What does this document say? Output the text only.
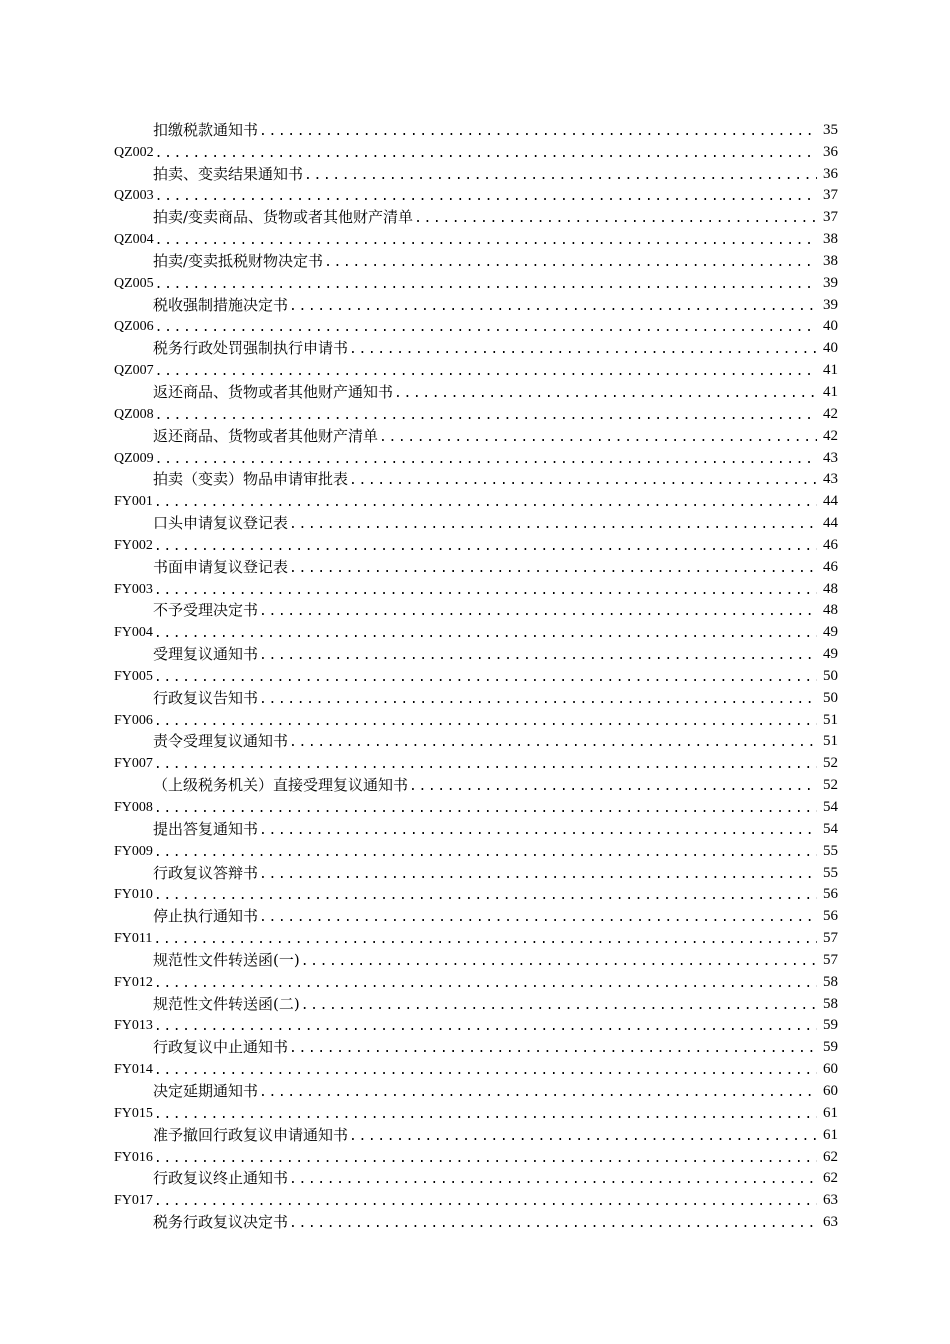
扣缴税款通知书 .....	35
QZ002 .....	36
拍卖、变卖结果通知书 .....	36
QZ003 .....	37
拍卖/变卖商品、货物或者其他财产清单 .....	37
QZ004 .....	38
拍卖/变卖抵税财物决定书 .....	38
QZ005 .....	39
税收强制措施决定书 .....	39
QZ006 .....	40
税务行政处罚强制执行申请书 .....	40
QZ007 .....	41
返还商品、货物或者其他财产通知书 .....	41
QZ008 .....	42
返还商品、货物或者其他财产清单 .....	42
QZ009 .....	43
拍卖（变卖）物品申请审批表 .....	43
FY001 .....	44
口头申请复议登记表 .....	44
FY002 .....	46
书面申请复议登记表 .....	46
FY003 .....	48
不予受理决定书 .....	48
FY004 .....	49
受理复议通知书 .....	49
FY005 .....	50
行政复议告知书 .....	50
FY006 .....	51
责令受理复议通知书 .....	51
FY007 .....	52
（上级税务机关）直接受理复议通知书 .....	52
FY008 .....	54
提出答复通知书 .....	54
FY009 .....	55
行政复议答辩书 .....	55
FY010 .....	56
停止执行通知书 .....	56
FY011 .....	57
规范性文件转送函(一) .....	57
FY012 .....	58
规范性文件转送函(二) .....	58
FY013 .....	59
行政复议中止通知书 .....	59
FY014 .....	60
决定延期通知书 .....	60
FY015 .....	61
准予撤回行政复议申请通知书 .....	61
FY016 .....	62
行政复议终止通知书 .....	62
FY017 .....	63
税务行政复议决定书 .....	63
